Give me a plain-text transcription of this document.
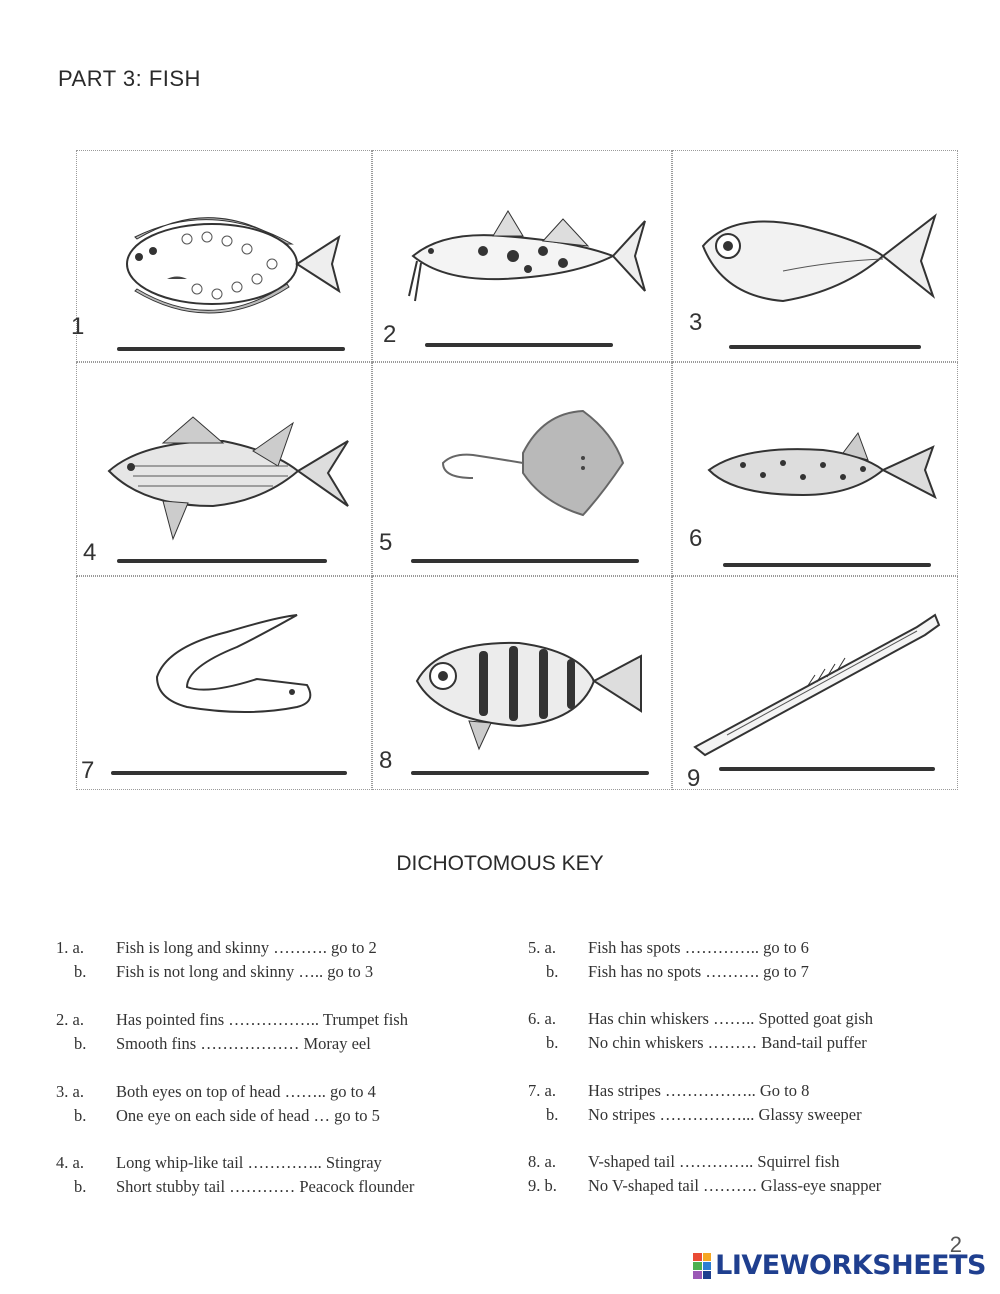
PART 3: FISH
1	2	3
4	5	6
7	8
9
DICHOTOMOUS KEY
1. a. Fish is long and skinny ………. go to 2
b. Fish is not long and skinny ….. go to 3
2. a. Has pointed fins …………….. Trumpet fish
b. Smooth fins ……………… Moray eel
3. a. Both eyes on top of head …….. go to 4
b. One eye on each side of head … go to 5
4. a. Long whip-like tail ………….. Stingray
b. Short stubby tail ………… Peacock flounder
5. a. Fish has spots ………….. go to 6
b. Fish has no spots ………. go to 7
6. a. Has chin whiskers …….. Spotted goat gish
b. No chin whiskers ……… Band-tail puffer
7. a. Has stripes …………….. Go to 8
b. No stripes ……………... Glassy sweeper
8. a. V-shaped tail ………….. Squirrel fish
9. b. No V-shaped tail ………. Glass-eye snapper
2
LIVEWORKSHEETS
